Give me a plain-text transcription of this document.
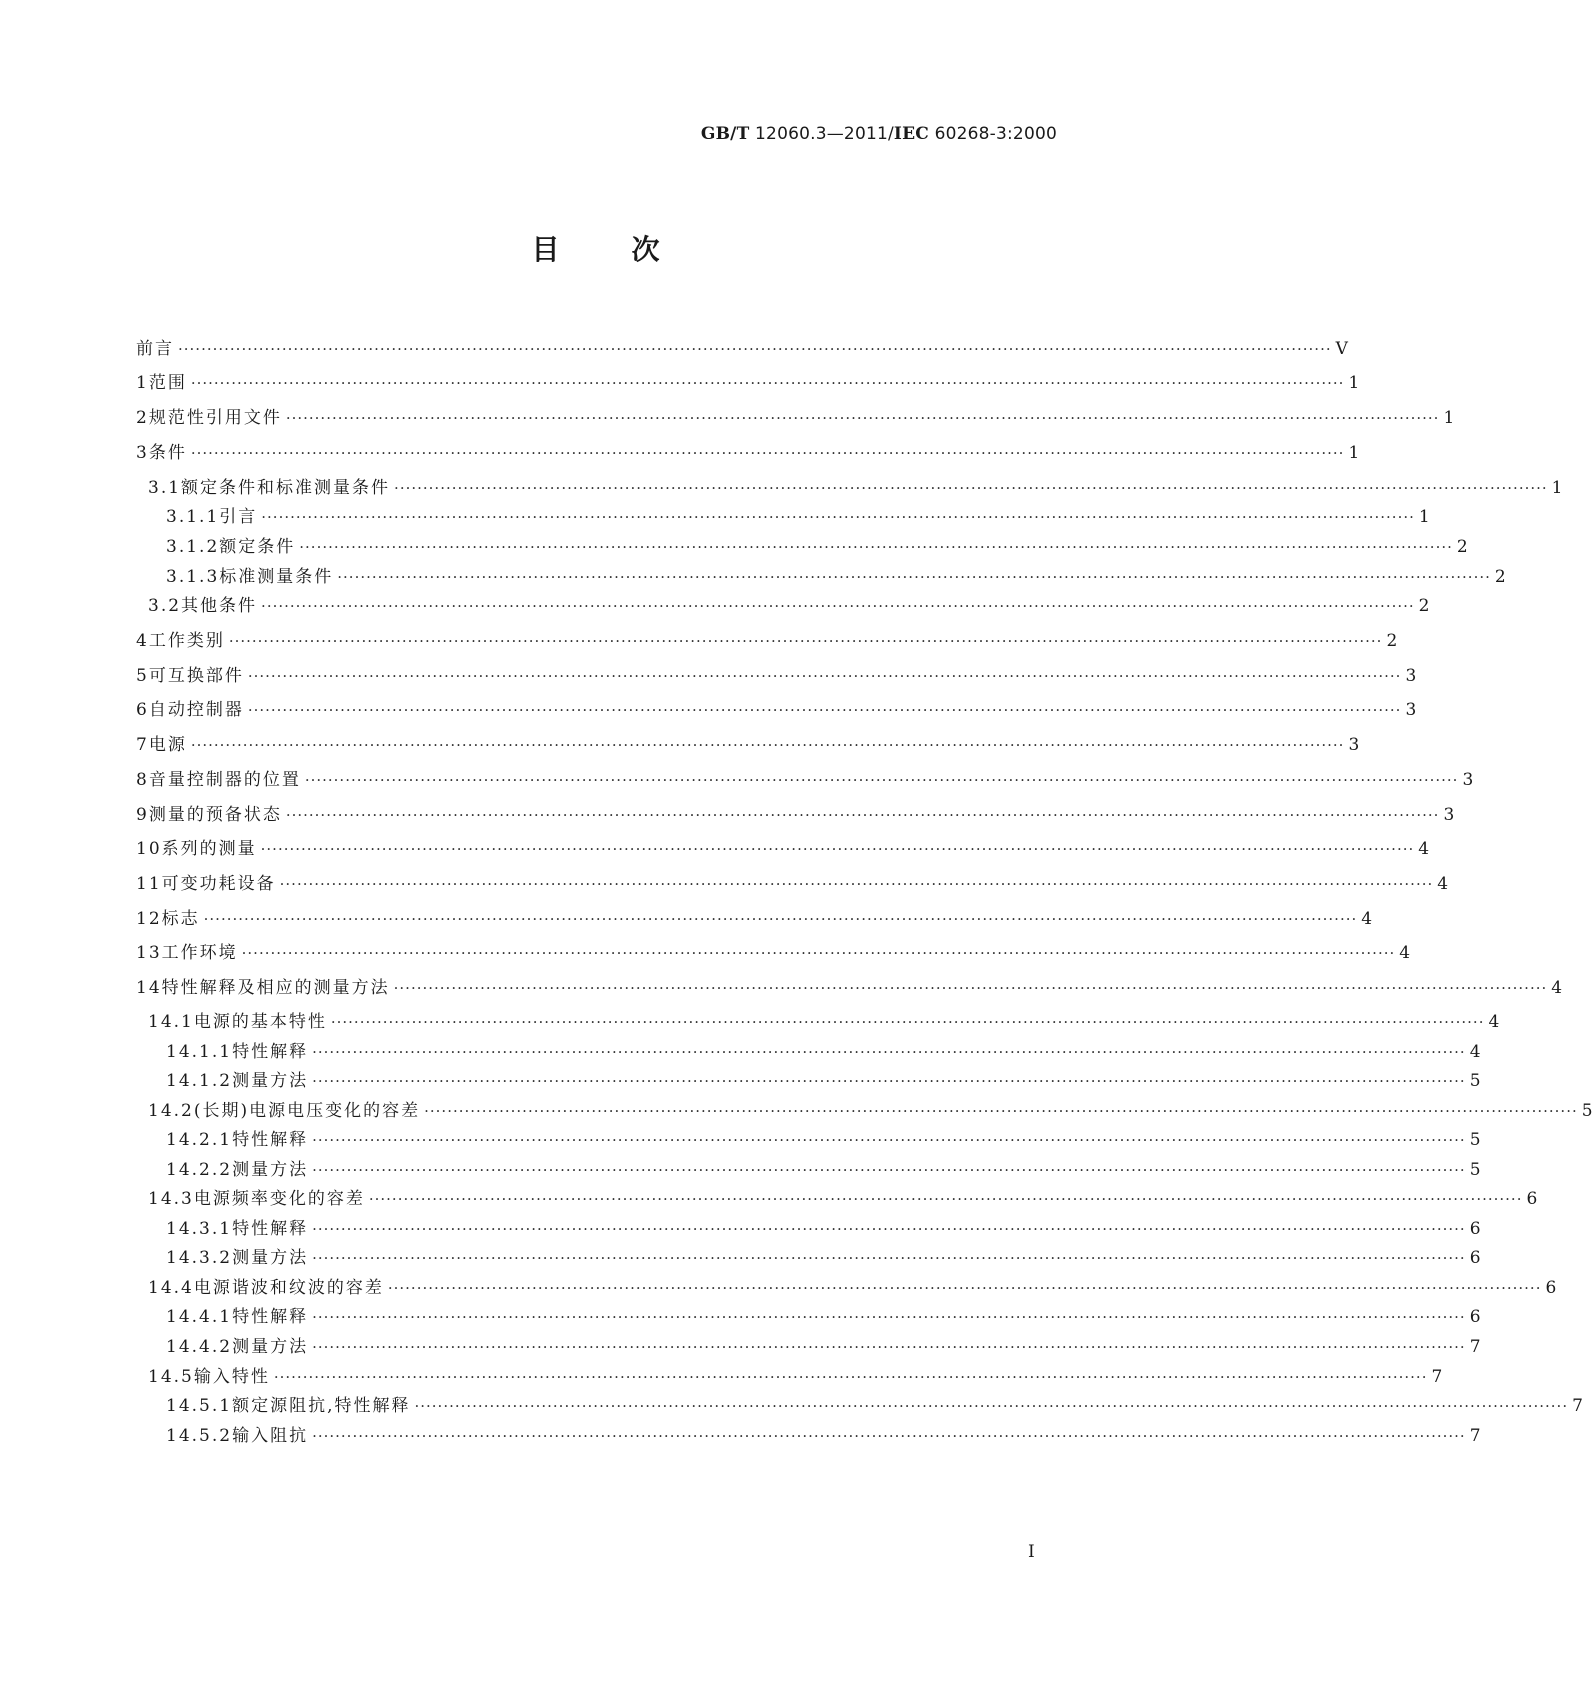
GB/T 12060.3—2011/IEC 60268-3:2000
目	次
前言 ········································································································································································································ V
1 范围 ········································································································································································································ 1
2 规范性引用文件 ········································································································································································································ 1
3 条件 ········································································································································································································ 1
3.1 额定条件和标准测量条件 ········································································································································································································ 1
3.1.1 引言 ········································································································································································································ 1
3.1.2 额定条件 ········································································································································································································ 2
3.1.3 标准测量条件 ········································································································································································································ 2
3.2 其他条件 ········································································································································································································ 2
4 工作类别 ········································································································································································································ 2
5 可互换部件 ········································································································································································································ 3
6 自动控制器 ········································································································································································································ 3
7 电源 ········································································································································································································ 3
8 音量控制器的位置 ········································································································································································································ 3
9 测量的预备状态 ········································································································································································································ 3
10 系列的测量 ········································································································································································································ 4
11 可变功耗设备 ········································································································································································································ 4
12 标志 ········································································································································································································ 4
13 工作环境 ········································································································································································································ 4
14 特性解释及相应的测量方法 ········································································································································································································ 4
14.1 电源的基本特性 ········································································································································································································ 4
14.1.1 特性解释 ········································································································································································································ 4
14.1.2 测量方法 ········································································································································································································ 5
14.2 (长期)电源电压变化的容差 ········································································································································································································ 5
14.2.1 特性解释 ········································································································································································································ 5
14.2.2 测量方法 ········································································································································································································ 5
14.3 电源频率变化的容差 ········································································································································································································ 6
14.3.1 特性解释 ········································································································································································································ 6
14.3.2 测量方法 ········································································································································································································ 6
14.4 电源谐波和纹波的容差 ········································································································································································································ 6
14.4.1 特性解释 ········································································································································································································ 6
14.4.2 测量方法 ········································································································································································································ 7
14.5 输入特性 ········································································································································································································ 7
14.5.1 额定源阻抗,特性解释 ········································································································································································································ 7
14.5.2 输入阻抗 ········································································································································································································ 7
I
